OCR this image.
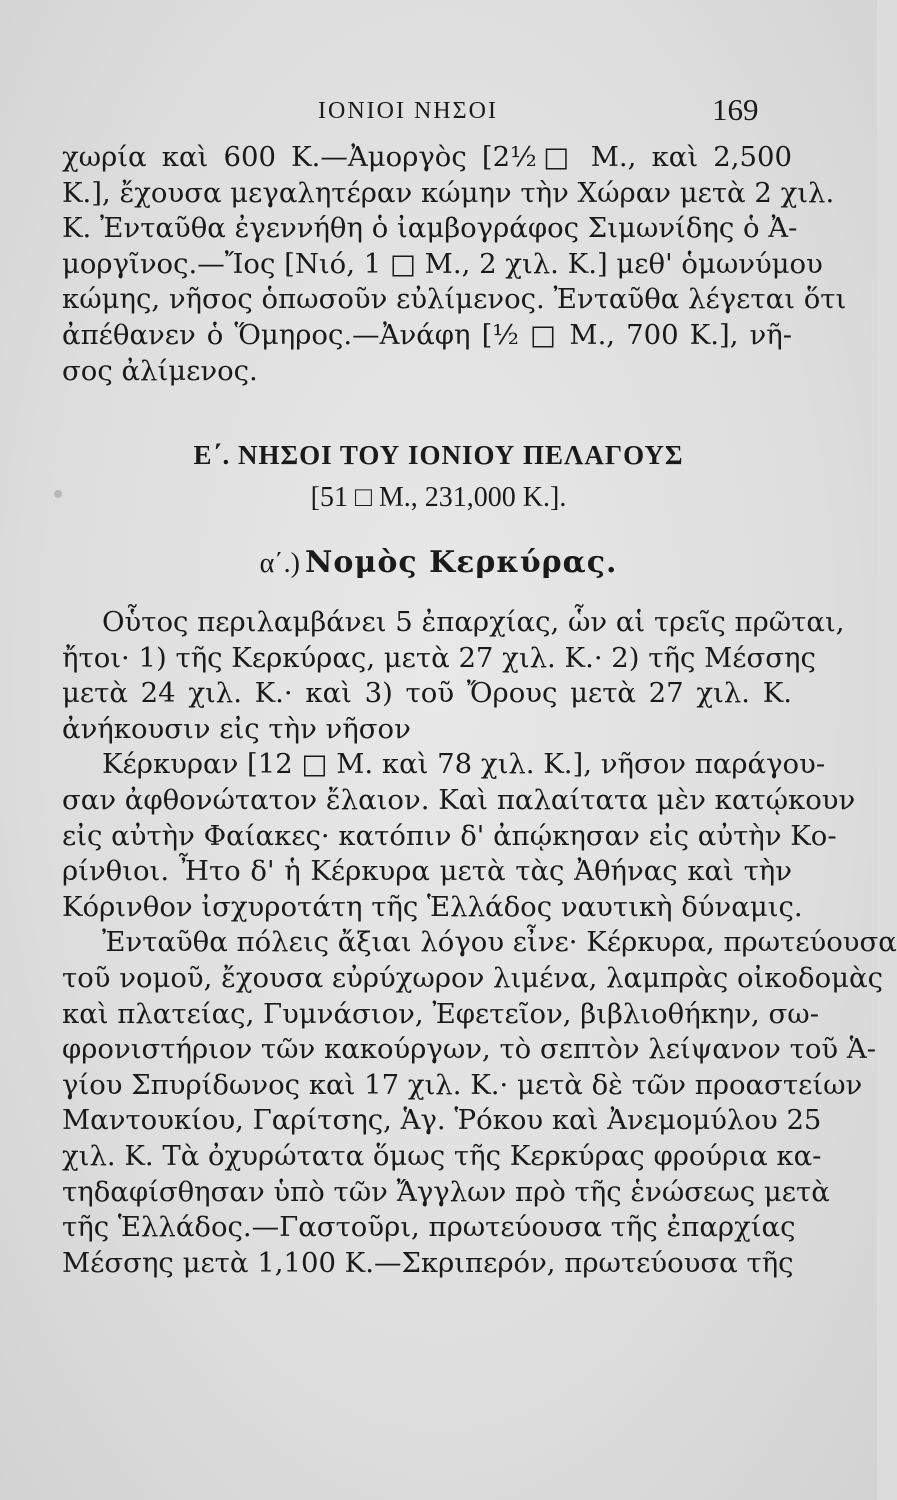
ΙΟΝΙΟΙ ΝΗΣΟΙ	169
χωρία καὶ 600 Κ.—Ἀμοργὸς [2½□ Μ., καὶ 2,500
Κ.], ἔχουσα μεγαλητέραν κώμην τὴν Χώραν μετὰ 2 χιλ.
Κ. Ἐνταῦθα ἐγεννήθη ὁ ἰαμβογράφος Σιμωνίδης ὁ Ἀ-
μοργῖνος.—Ἴος [Νιό, 1 □ Μ., 2 χιλ. Κ.] μεθ' ὁμωνύμου
κώμης, νῆσος ὁπωσοῦν εὐλίμενος. Ἐνταῦθα λέγεται ὅτι
ἀπέθανεν ὁ Ὅμηρος.—Ἀνάφη [½ □ Μ., 700 Κ.], νῆ-
σος ἀλίμενος.
Ε΄. ΝΗΣΟΙ ΤΟΥ ΙΟΝΙΟΥ ΠΕΛΑΓΟΥΣ
[51 □ Μ., 231,000 Κ.].
α΄.) Νομὸς Κερκύρας.
Οὗτος περιλαμβάνει 5 ἐπαρχίας, ὧν αἱ τρεῖς πρῶται,
ἤτοι· 1) τῆς Κερκύρας, μετὰ 27 χιλ. Κ.· 2) τῆς Μέσσης
μετὰ 24 χιλ. Κ.· καὶ 3) τοῦ Ὄρους μετὰ 27 χιλ. Κ.
ἀνήκουσιν εἰς τὴν νῆσον
Κέρκυραν [12 □ Μ. καὶ 78 χιλ. Κ.], νῆσον παράγου-
σαν ἀφθονώτατον ἔλαιον. Καὶ παλαίτατα μὲν κατῴκουν
εἰς αὐτὴν Φαίακες· κατόπιν δ' ἀπῴκησαν εἰς αὐτὴν Κο-
ρίνθιοι. Ἦτο δ' ἡ Κέρκυρα μετὰ τὰς Ἀθήνας καὶ τὴν
Κόρινθον ἰσχυροτάτη τῆς Ἑλλάδος ναυτικὴ δύναμις.
Ἐνταῦθα πόλεις ἄξιαι λόγου εἶνε· Κέρκυρα, πρωτεύουσα
τοῦ νομοῦ, ἔχουσα εὐρύχωρον λιμένα, λαμπρὰς οἰκοδομὰς
καὶ πλατείας, Γυμνάσιον, Ἐφετεῖον, βιβλιοθήκην, σω-
φρονιστήριον τῶν κακούργων, τὸ σεπτὸν λείψανον τοῦ Ἁ-
γίου Σπυρίδωνος καὶ 17 χιλ. Κ.· μετὰ δὲ τῶν προαστείων
Μαντουκίου, Γαρίτσης, Ἁγ. Ῥόκου καὶ Ἀνεμομύλου 25
χιλ. Κ. Τὰ ὀχυρώτατα ὅμως τῆς Κερκύρας φρούρια κα-
τηδαφίσθησαν ὑπὸ τῶν Ἄγγλων πρὸ τῆς ἑνώσεως μετὰ
τῆς Ἑλλάδος.—Γαστοῦρι, πρωτεύουσα τῆς ἐπαρχίας
Μέσσης μετὰ 1,100 Κ.—Σκριπερόν, πρωτεύουσα τῆς
